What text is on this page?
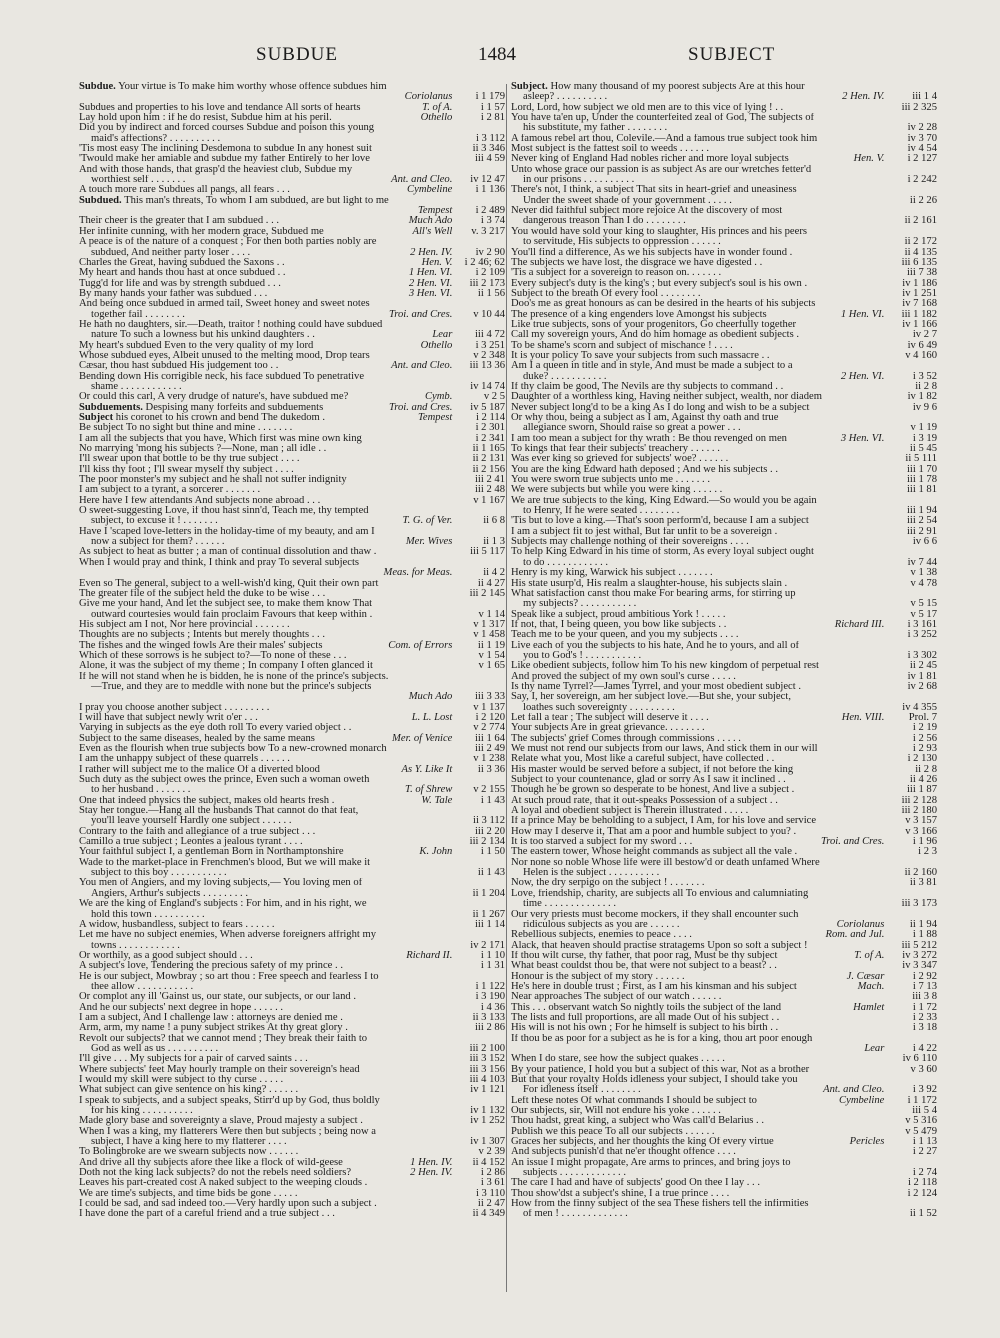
SUBDUE	1484	SUBJECT
Subdue. Your virtue is To make him worthy whose offence subdues him
Coriolanus i 1 179
Subdues and properties to his love and tendance All sorts of hearts	T. of A. i 1 57
Lay hold upon him : if he do resist, Subdue him at his peril.	Othello i 2 81
Did you by indirect and forced courses Subdue and poison this young
maid's affections? . . . . . . . . . .	i 3 112
'Tis most easy The inclining Desdemona to subdue In any honest suit	ii 3 346
'Twould make her amiable and subdue my father Entirely to her love	iii 4 59
And with those hands, that grasp'd the heaviest club, Subdue my
worthiest self . . . . . . .	Ant. and Cleo. iv 12 47
A touch more rare Subdues all pangs, all fears . . .	Cymbeline i 1 136
Subdued. This man's threats, To whom I am subdued, are but light to me
Tempest i 2 489
Their cheer is the greater that I am subdued . . .	Much Ado i 3 74
Her infinite cunning, with her modern grace, Subdued me	All's Well v. 3 217
A peace is of the nature of a conquest ; For then both parties nobly are
subdued, And neither party loser . . . .	2 Hen. IV. iv 2 90
Charles the Great, having subdued the Saxons . .	Hen. V. i 2 46; 62
My heart and hands thou hast at once subdued . .	1 Hen. VI. i 2 109
Tugg'd for life and was by strength subdued . . .	2 Hen. VI. iii 2 173
By many hands your father was subdued . . .	3 Hen. VI. ii 1 56
And being once subdued in armed tail, Sweet honey and sweet notes
together fail . . . . . . . .	Troi. and Cres. v 10 44
He hath no daughters, sir.—Death, traitor ! nothing could have subdued
nature To such a lowness but his unkind daughters . .	Lear iii 4 72
My heart's subdued Even to the very quality of my lord	Othello i 3 251
Whose subdued eyes, Albeit unused to the melting mood, Drop tears	v 2 348
Cæsar, thou hast subdued His judgement too . .	Ant. and Cleo. iii 13 36
Bending down His corrigible neck, his face subdued To penetrative
shame . . . . . . . . . . . .	iv 14 74
Or could this carl, A very drudge of nature's, have subdued me?	Cymb.	v 2 5
Subduements. Despising many forfeits and subduements	Troi. and Cres. iv 5 187
Subject his coronet to his crown and bend The dukedom .	Tempest i 2 114
Be subject To no sight but thine and mine . . . . . . .	i 2 301
I am all the subjects that you have, Which first was mine own king	i 2 341
No marrying 'mong his subjects ?—None, man ; all idle . .	ii 1 165
I'll swear upon that bottle to be thy true subject . . . .	ii 2 131
I'll kiss thy foot ; I'll swear myself thy subject . . . .	ii 2 156
The poor monster's my subject and he shall not suffer indignity	iii 2 41
I am subject to a tyrant, a sorcerer . . . . . . .	iii 2 48
Here have I few attendants And subjects none abroad . . .	v 1 167
O sweet-suggesting Love, if thou hast sinn'd, Teach me, thy tempted
subject, to excuse it ! . . . . . . .	T. G. of Ver.	ii 6 8
Have I 'scaped love-letters in the holiday-time of my beauty, and am I
now a subject for them? . . . . . .	Mer. Wives	ii 1 3
As subject to heat as butter ; a man of continual dissolution and thaw .	iii 5 117
When I would pray and think, I think and pray To several subjects
Meas. for Meas.	ii 4 2
Even so The general, subject to a well-wish'd king, Quit their own part	ii 4 27
The greater file of the subject held the duke to be wise . . .	iii 2 145
Give me your hand, And let the subject see, to make them know That
outward courtesies would fain proclaim Favours that keep within .	v 1 14
His subject am I not, Nor here provincial . . . . . . .	v 1 317
Thoughts are no subjects ; Intents but merely thoughts . . .	v 1 458
The fishes and the winged fowls Are their males' subjects	Com. of Errors ii 1 19
Which of these sorrows is he subject to?—To none of these . . .	v 1 54
Alone, it was the subject of my theme ; In company I often glanced it	v 1 65
If he will not stand when he is bidden, he is none of the prince's subjects.
—True, and they are to meddle with none but the prince's subjects
Much Ado iii 3 33
I pray you choose another subject . . . . . . . . .	v 1 137
I will have that subject newly writ o'er . . .	L. L. Lost i 2 120
Varying in subjects as the eye doth roll To every varied object . .	v 2 774
Subject to the same diseases, healed by the same means	Mer. of Venice iii 1 64
Even as the flourish when true subjects bow To a new-crowned monarch	iii 2 49
I am the unhappy subject of these quarrels . . . . . .	v 1 238
I rather will subject me to the malice Of a diverted blood	As Y. Like It ii 3 36
Such duty as the subject owes the prince, Even such a woman oweth
to her husband . . . . . . .	T. of Shrew v 2 155
One that indeed physics the subject, makes old hearts fresh .	W. Tale i 1 43
Stay her tongue.—Hang all the husbands That cannot do that feat,
you'll leave yourself Hardly one subject . . . . . .	ii 3 112
Contrary to the faith and allegiance of a true subject . . .	iii 2 20
Camillo a true subject ; Leontes a jealous tyrant . . . .	iii 2 134
Your faithful subject I, a gentleman Born in Northamptonshire	K. John i 1 50
Wade to the market-place in Frenchmen's blood, But we will make it
subject to this boy . . . . . . . . . . .	ii 1 43
You men of Angiers, and my loving subjects,— You loving men of
Angiers, Arthur's subjects . . . . . . . . .	ii 1 204
We are the king of England's subjects : For him, and in his right, we
hold this town . . . . . . . . . .	ii 1 267
A widow, husbandless, subject to fears . . . . . .	iii 1 14
Let me have no subject enemies, When adverse foreigners affright my
towns . . . . . . . . . . . .	iv 2 171
Or worthily, as a good subject should . . .	Richard II. i 1 10
A subject's love, Tendering the precious safety of my prince . .	i 1 31
He is our subject, Mowbray ; so art thou : Free speech and fearless I to
thee allow . . . . . . . . . . .	i 1 122
Or complot any ill 'Gainst us, our state, our subjects, or our land .	i 3 190
And he our subjects' next degree in hope . . . . . .	i 4 36
I am a subject, And I challenge law : attorneys are denied me .	ii 3 133
Arm, arm, my name ! a puny subject strikes At thy great glory .	iii 2 86
Revolt our subjects? that we cannot mend ; They break their faith to
God as well as us . . . . . . . . . .	iii 2 100
I'll give . . . My subjects for a pair of carved saints . . .	iii 3 152
Where subjects' feet May hourly trample on their sovereign's head	iii 3 156
I would my skill were subject to thy curse . . . . .	iii 4 103
What subject can give sentence on his king? . . . . . .	iv 1 121
I speak to subjects, and a subject speaks, Stirr'd up by God, thus boldly
for his king . . . . . . . . . .	iv 1 132
Made glory base and sovereignty a slave, Proud majesty a subject .	iv 1 252
When I was a king, my flatterers Were then but subjects ; being now a
subject, I have a king here to my flatterer . . . .	iv 1 307
To Bolingbroke are we swearn subjects now . . . . . .	v 2 39
And drive all thy subjects afore thee like a flock of wild-geese	1 Hen. IV. ii 4 152
Doth not the king lack subjects? do not the rebels need soldiers?	2 Hen. IV. i 2 86
Leaves his part-created cost A naked subject to the weeping clouds .	i 3 61
We are time's subjects, and time bids be gone . . . . .	i 3 110
I could be sad, and sad indeed too.—Very hardly upon such a subject .	ii 2 47
I have done the part of a careful friend and a true subject . . .	ii 4 349
Subject. How many thousand of my poorest subjects Are at this hour
asleep? . . . . . . . . . .	2 Hen. IV. iii 1 4
Lord, Lord, how subject we old men are to this vice of lying ! . .	iii 2 325
You have ta'en up, Under the counterfeited zeal of God, The subjects of
his substitute, my father . . . . . . . .	iv 2 28
A famous rebel art thou, Colevile.—And a famous true subject took him	iv 3 70
Most subject is the fattest soil to weeds . . . . . .	iv 4 54
Never king of England Had nobles richer and more loyal subjects	Hen. V. i 2 127
Unto whose grace our passion is as subject As are our wretches fetter'd
in our prisons . . . . . . . . . .	i 2 242
There's not, I think, a subject That sits in heart-grief and uneasiness
Under the sweet shade of your government . . . . .	ii 2 26
Never did faithful subject more rejoice At the discovery of most
dangerous treason Than I do . . . . . . . .	ii 2 161
You would have sold your king to slaughter, His princes and his peers
to servitude, His subjects to oppression . . . . . .	ii 2 172
You'll find a difference, As we his subjects have in wonder found .	ii 4 135
The subjects we have lost, the disgrace we have digested . .	iii 6 135
'Tis a subject for a sovereign to reason on. . . . . . .	iii 7 38
Every subject's duty is the king's ; but every subject's soul is his own .	iv 1 186
Subject to the breath Of every fool . . . . . . . .	iv 1 251
Doo's me as great honours as can be desired in the hearts of his subjects	iv 7 168
The presence of a king engenders love Amongst his subjects	1 Hen. VI. iii 1 182
Like true subjects, sons of your progenitors, Go cheerfully together	iv 1 166
Call my sovereign yours, And do him homage as obedient subjects .	iv 2 7
To be shame's scorn and subject of mischance ! . . . .	iv 6 49
It is your policy To save your subjects from such massacre . .	v 4 160
Am I a queen in title and in style, And must be made a subject to a
duke? . . . . . . . . . . .	2 Hen. VI. i 3 52
If thy claim be good, The Nevils are thy subjects to command . .	ii 2 8
Daughter of a worthless king, Having neither subject, wealth, nor diadem	iv 1 82
Never subject long'd to be a king As I do long and wish to be a subject	iv 9 6
Or why thou, being a subject as I am, Against thy oath and true
allegiance sworn, Should raise so great a power . . .	v 1 19
I am too mean a subject for thy wrath : Be thou revenged on men	3 Hen. VI. i 3 19
To kings that fear their subjects' treachery . . . . . .	ii 5 45
Was ever king so grieved for subjects' woe? . . . . . .	ii 5 111
You are the king Edward hath deposed ; And we his subjects . .	iii 1 70
You were sworn true subjects unto me . . . . . . .	iii 1 78
We were subjects but while you were king . . . . . .	iii 1 81
We are true subjects to the king, King Edward.—So would you be again
to Henry, If he were seated . . . . . . . .	iii 1 94
'Tis but to love a king.—That's soon perform'd, because I am a subject	iii 2 54
I am a subject fit to jest withal, But far unfit to be a sovereign .	iii 2 91
Subjects may challenge nothing of their sovereigns . . . .	iv 6 6
To help King Edward in his time of storm, As every loyal subject ought
to do . . . . . . . . . . . .	iv 7 44
Henry is my king, Warwick his subject . . . . . . .	v 1 38
His state usurp'd, His realm a slaughter-house, his subjects slain .	v 4 78
What satisfaction canst thou make For bearing arms, for stirring up
my subjects? . . . . . . . . . . .	v 5 15
Speak like a subject, proud ambitious York ! . . . . .	v 5 17
If not, that, I being queen, you bow like subjects . .	Richard III. i 3 161
Teach me to be your queen, and you my subjects . . . .	i 3 252
Live each of you the subjects to his hate, And he to yours, and all of
you to God's ! . . . . . . . . . . .	i 3 302
Like obedient subjects, follow him To his new kingdom of perpetual rest	ii 2 45
And proved the subject of my own soul's curse . . . . .	iv 1 81
Is thy name Tyrrel?—James Tyrrel, and your most obedient subject .	iv 2 68
Say, I, her sovereign, am her subject love.—But she, your subject,
loathes such sovereignty . . . . . . . . .	iv 4 355
Let fall a tear ; The subject will deserve it . . . .	Hen. VIII. Prol. 7
Your subjects Are in great grievance. . . . . . . .	i 2 19
The subjects' grief Comes through commissions . . . . .	i 2 56
We must not rend our subjects from our laws, And stick them in our will	i 2 93
Relate what you, Most like a careful subject, have collected . .	i 2 130
His master would be served before a subject, if not before the king	ii 2 8
Subject to your countenance, glad or sorry As I saw it inclined . .	ii 4 26
Though he be grown so desperate to be honest, And live a subject .	iii 1 87
At such proud rate, that it out-speaks Possession of a subject . .	iii 2 128
A loyal and obedient subject is Therein illustrated . . . . .	iii 2 180
If a prince May be beholding to a subject, I Am, for his love and service	v 3 157
How may I deserve it, That am a poor and humble subject to you? .	v 3 166
It is too starved a subject for my sword . . .	Troi. and Cres. i 1 96
The eastern tower, Whose height commands as subject all the vale .	i 2 3
Nor none so noble Whose life were ill bestow'd or death unfamed Where
Helen is the subject . . . . . . . . . .	ii 2 160
Now, the dry serpigo on the subject ! . . . . . . .	ii 3 81
Love, friendship, charity, are subjects all To envious and calumniating
time . . . . . . . . . . . . . .	iii 3 173
Our very priests must become mockers, if they shall encounter such
ridiculous subjects as you are . . . . . .	Coriolanus ii 1 94
Rebellious subjects, enemies to peace . . . .	Rom. and Jul. i 1 88
Alack, that heaven should practise stratagems Upon so soft a subject !	iii 5 212
If thou wilt curse, thy father, that poor rag, Must be thy subject	T. of A. iv 3 272
What beast couldst thou be, that were not subject to a beast? . .	iv 3 347
Honour is the subject of my story . . . . . .	J. Cæsar i 2 92
He's here in double trust ; First, as I am his kinsman and his subject	Mach. i 7 13
Near approaches The subject of our watch . . . . . .	iii 3 8
This . . . observant watch So nightly toils the subject of the land	Hamlet i 1 72
The lists and full proportions, are all made Out of his subject . .	i 2 33
His will is not his own ; For he himself is subject to his birth . .	i 3 18
If thou be as poor for a subject as he is for a king, thou art poor enough
Lear i 4 22
When I do stare, see how the subject quakes . . . . .	iv 6 110
By your patience, I hold you but a subject of this war, Not as a brother	v 3 60
But that your royalty Holds idleness your subject, I should take you
For idleness itself . . . . . . . .	Ant. and Cleo. i 3 92
Left these notes Of what commands I should be subject to	Cymbeline i 1 172
Our subjects, sir, Will not endure his yoke . . . . . .	iii 5 4
Thou hadst, great king, a subject who Was call'd Belarius . .	v 5 316
Publish we this peace To all our subjects . . . . . .	v 5 479
Graces her subjects, and her thoughts the king Of every virtue	Pericles i 1 13
And subjects punish'd that ne'er thought offence . . . .	i 2 27
An issue I might propagate, Are arms to princes, and bring joys to
subjects . . . . . . . . . . . . .	i 2 74
The care I had and have of subjects' good On thee I lay . . .	i 2 118
Thou show'dst a subject's shine, I a true prince . . . .	i 2 124
How from the finny subject of the sea These fishers tell the infirmities
of men ! . . . . . . . . . . . . .	ii 1 52
